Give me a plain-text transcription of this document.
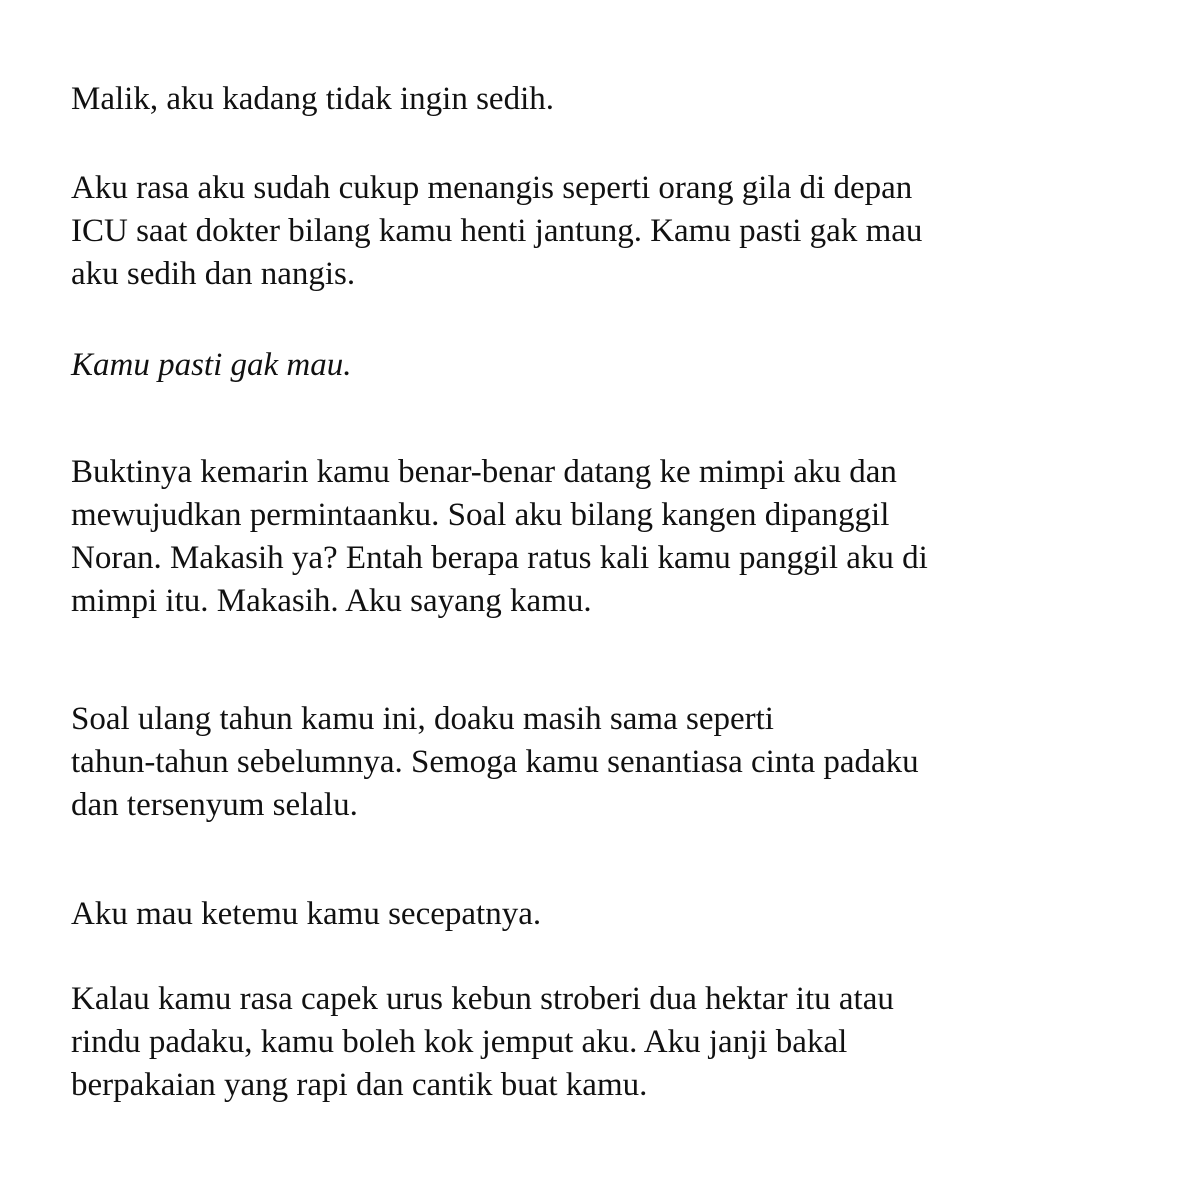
Malik, aku kadang tidak ingin sedih.

Aku rasa aku sudah cukup menangis seperti orang gila di depan
ICU saat dokter bilang kamu henti jantung. Kamu pasti gak mau
aku sedih dan nangis.

Kamu pasti gak mau.

Buktinya kemarin kamu benar-benar datang ke mimpi aku dan
mewujudkan permintaanku. Soal aku bilang kangen dipanggil
Noran. Makasih ya? Entah berapa ratus kali kamu panggil aku di
mimpi itu. Makasih. Aku sayang kamu.

Soal ulang tahun kamu ini, doaku masih sama seperti
tahun-tahun sebelumnya. Semoga kamu senantiasa cinta padaku
dan tersenyum selalu.

Aku mau ketemu kamu secepatnya.

Kalau kamu rasa capek urus kebun stroberi dua hektar itu atau
rindu padaku, kamu boleh kok jemput aku. Aku janji bakal
berpakaian yang rapi dan cantik buat kamu.
